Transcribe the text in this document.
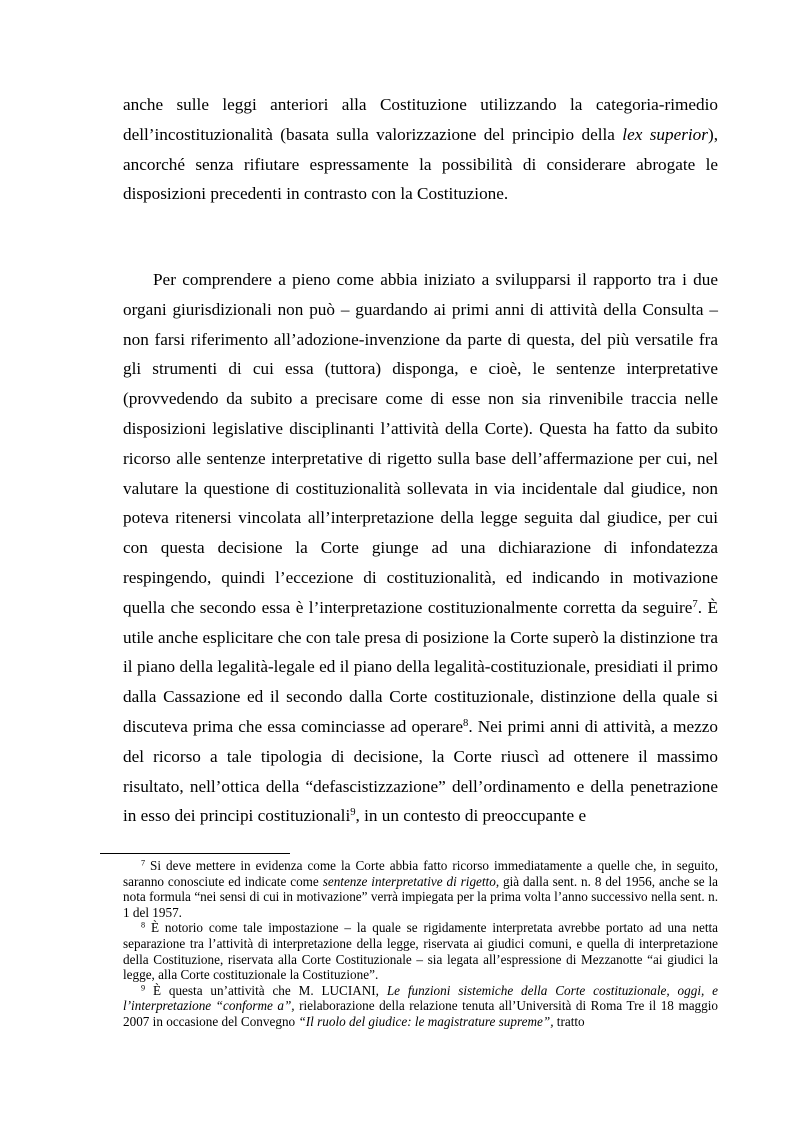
anche sulle leggi anteriori alla Costituzione utilizzando la categoria-rimedio dell’incostituzionalità (basata sulla valorizzazione del principio della lex superior), ancorché senza rifiutare espressamente la possibilità di considerare abrogate le disposizioni precedenti in contrasto con la Costituzione.

Per comprendere a pieno come abbia iniziato a svilupparsi il rapporto tra i due organi giurisdizionali non può – guardando ai primi anni di attività della Consulta – non farsi riferimento all’adozione-invenzione da parte di questa, del più versatile fra gli strumenti di cui essa (tuttora) disponga, e cioè, le sentenze interpretative (provvedendo da subito a precisare come di esse non sia rinvenibile traccia nelle disposizioni legislative disciplinanti l’attività della Corte). Questa ha fatto da subito ricorso alle sentenze interpretative di rigetto sulla base dell’affermazione per cui, nel valutare la questione di costituzionalità sollevata in via incidentale dal giudice, non poteva ritenersi vincolata all’interpretazione della legge seguita dal giudice, per cui con questa decisione la Corte giunge ad una dichiarazione di infondatezza respingendo, quindi l’eccezione di costituzionalità, ed indicando in motivazione quella che secondo essa è l’interpretazione costituzionalmente corretta da seguire$^7$. È utile anche esplicitare che con tale presa di posizione la Corte superò la distinzione tra il piano della legalità-legale ed il piano della legalità-costituzionale, presidiati il primo dalla Cassazione ed il secondo dalla Corte costituzionale, distinzione della quale si discuteva prima che essa cominciasse ad operare$^8$. Nei primi anni di attività, a mezzo del ricorso a tale tipologia di decisione, la Corte riuscì ad ottenere il massimo risultato, nell’ottica della “defascistizzazione” dell’ordinamento e della penetrazione in esso dei principi costituzionali$^9$, in un contesto di preoccupante e

$^7$ Si deve mettere in evidenza come la Corte abbia fatto ricorso immediatamente a quelle che, in seguito, saranno conosciute ed indicate come sentenze interpretative di rigetto, già dalla sent. n. 8 del 1956, anche se la nota formula “nei sensi di cui in motivazione” verrà impiegata per la prima volta l’anno successivo nella sent. n. 1 del 1957.

$^8$ È notorio come tale impostazione – la quale se rigidamente interpretata avrebbe portato ad una netta separazione tra l’attività di interpretazione della legge, riservata ai giudici comuni, e quella di interpretazione della Costituzione, riservata alla Corte Costituzionale – sia legata all’espressione di Mezzanotte “ai giudici la legge, alla Corte costituzionale la Costituzione”.

$^9$ È questa un’attività che M. LUCIANI, Le funzioni sistemiche della Corte costituzionale, oggi, e l’interpretazione “conforme a”, rielaborazione della relazione tenuta all’Università di Roma Tre il 18 maggio 2007 in occasione del Convegno “Il ruolo del giudice: le magistrature supreme”, tratto
